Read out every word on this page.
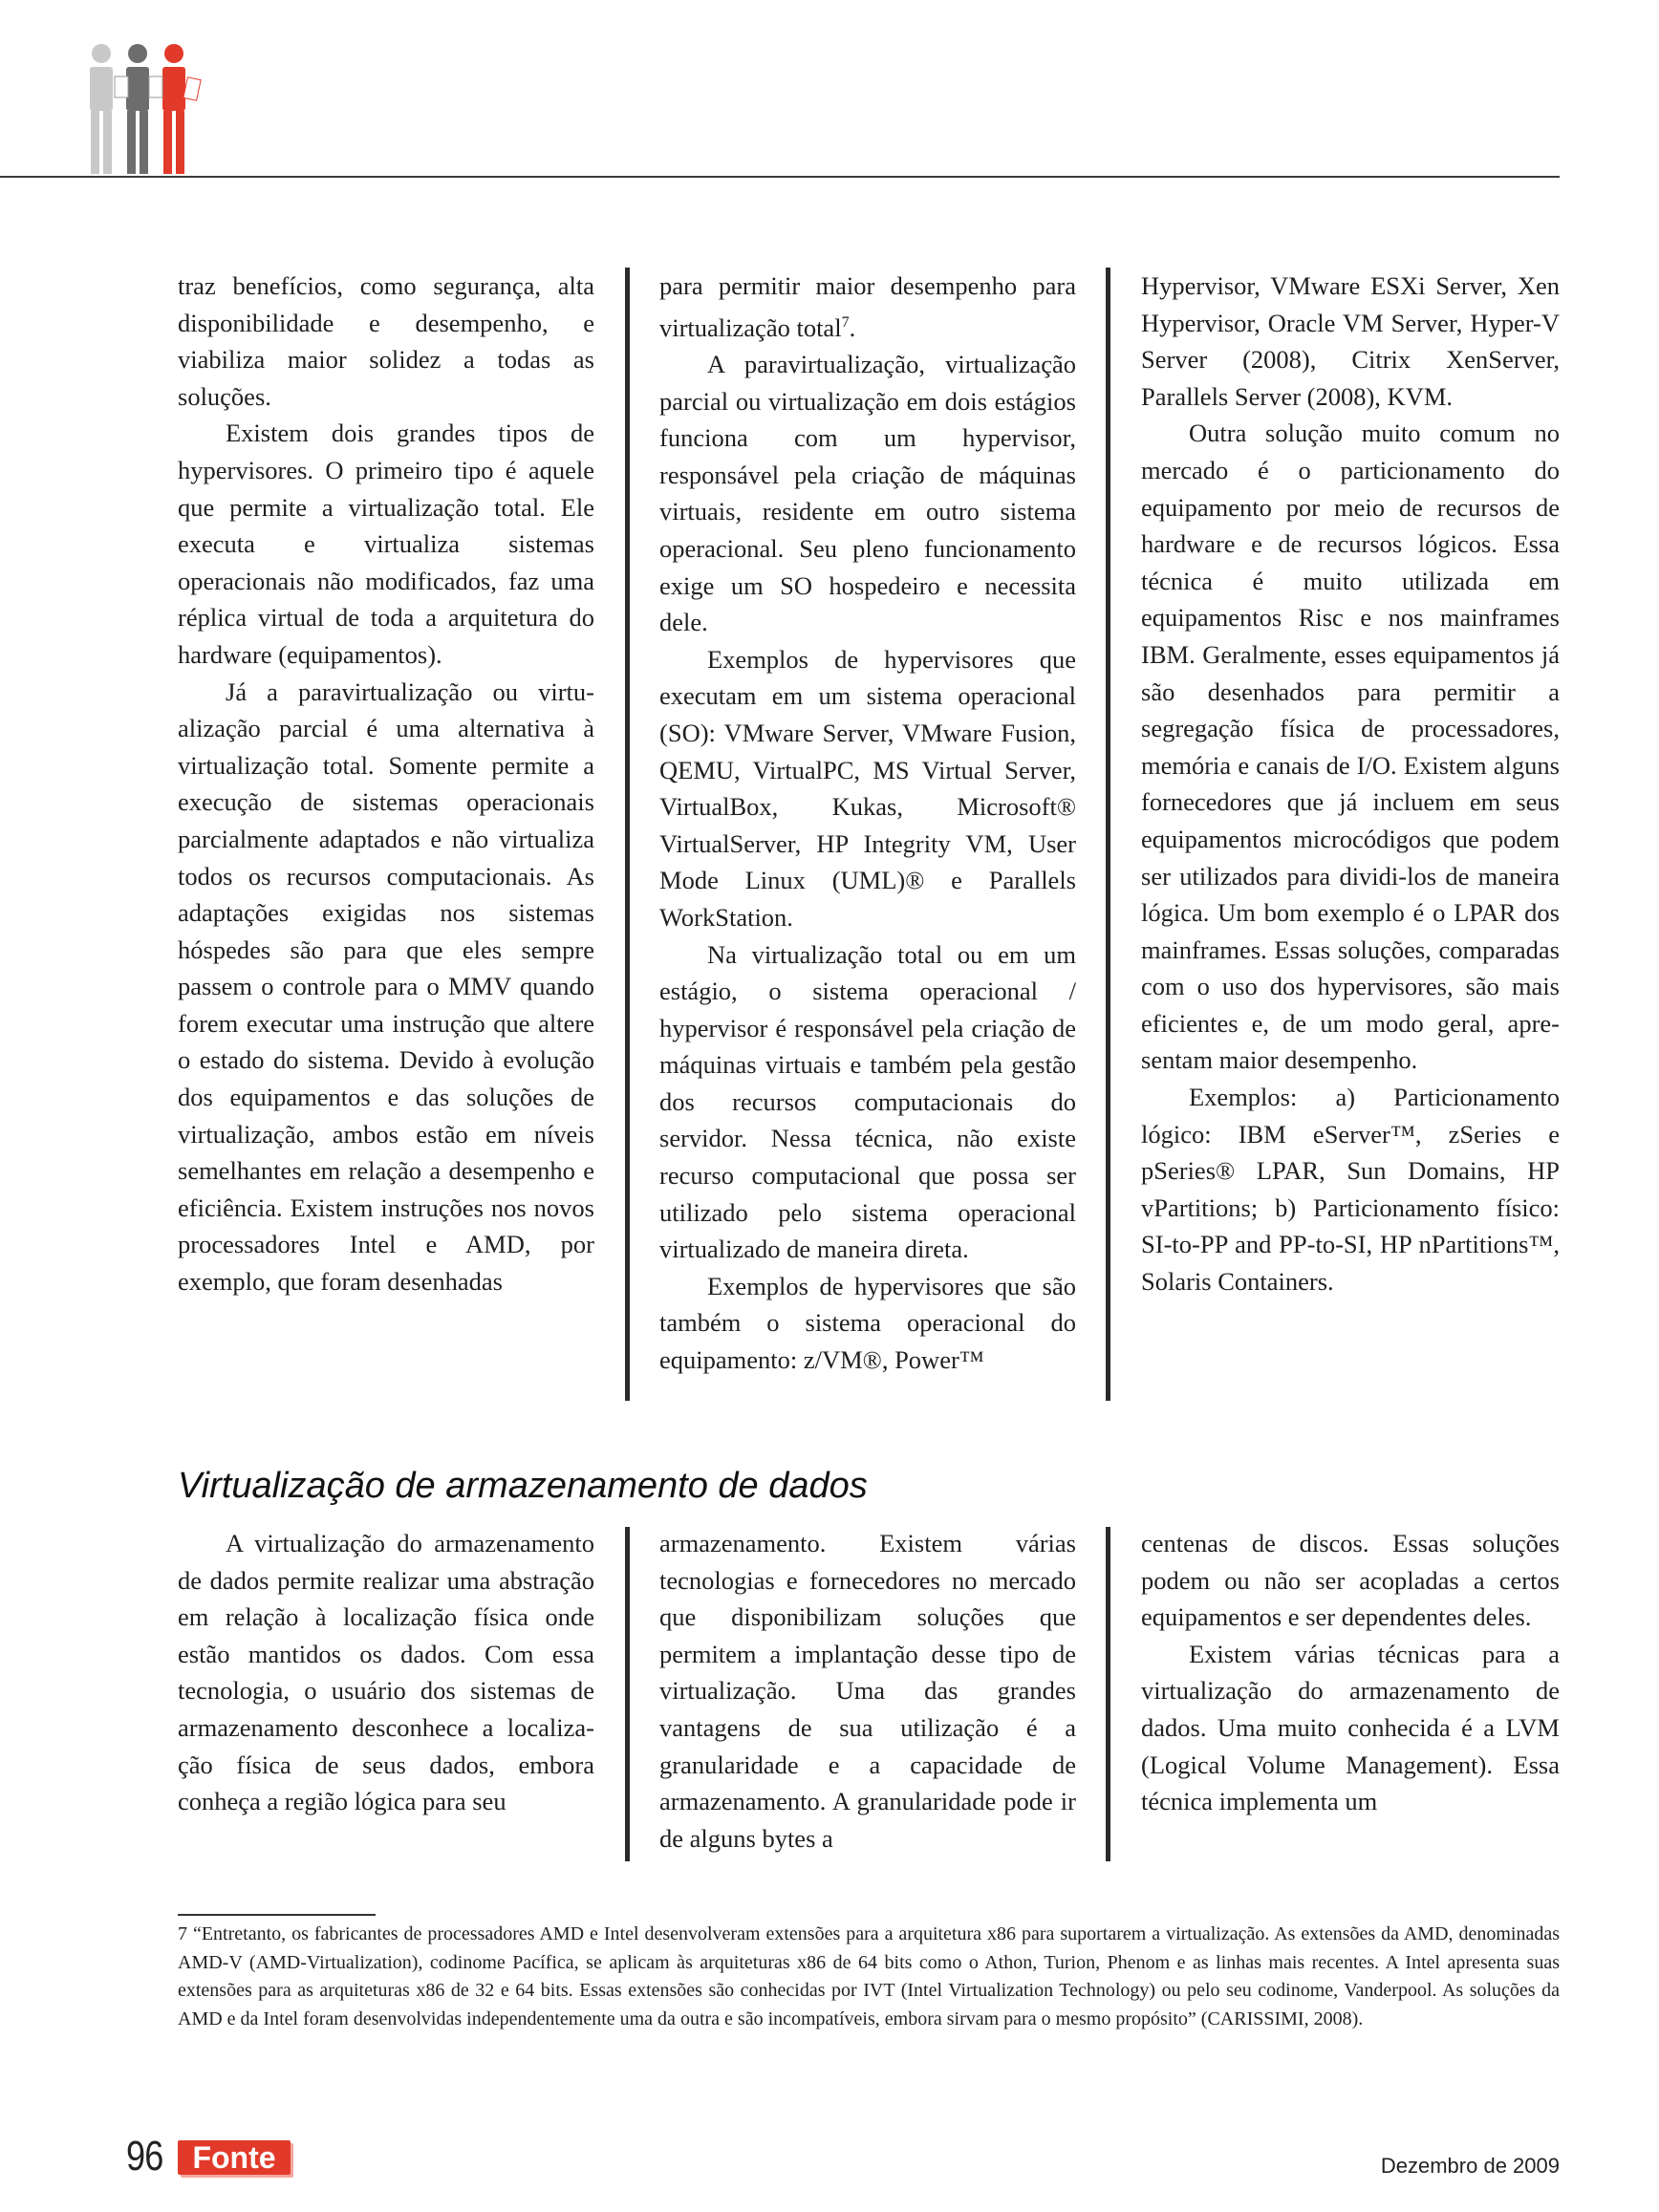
traz benefícios, como segurança, alta disponibilidade e desempenho, e viabiliza maior solidez a todas as soluções.

Existem dois grandes tipos de hypervisores. O primeiro tipo é aquele que permite a virtualização total. Ele executa e virtualiza sistemas operacionais não modificados, faz uma réplica virtual de toda a arquitetura do hardware (equipamentos).

Já a paravirtualização ou virtualização parcial é uma alternativa à virtualização total. Somente permite a execução de sistemas operacionais parcialmente adaptados e não virtualiza todos os recursos computacionais. As adaptações exigidas nos sistemas hóspedes são para que eles sempre passem o controle para o MMV quando forem executar uma instrução que altere o estado do sistema. Devido à evolução dos equipamentos e das soluções de virtualização, ambos estão em níveis semelhantes em relação a desempenho e eficiência. Existem instruções nos novos processadores Intel e AMD, por exemplo, que foram desenhadas

para permitir maior desempenho para virtualização total$^7$.

A paravirtualização, virtualização parcial ou virtualização em dois estágios funciona com um hypervisor, responsável pela criação de máquinas virtuais, residente em outro sistema operacional. Seu pleno funcionamento exige um SO hospedeiro e necessita dele.

Exemplos de hypervisores que executam em um sistema operacional (SO): VMware Server, VMware Fusion, QEMU, VirtualPC, MS Virtual Server, VirtualBox, Kukas, Microsoft® VirtualServer, HP Integrity VM, User Mode Linux (UML)® e Parallels WorkStation.

Na virtualização total ou em um estágio, o sistema operacional / hypervisor é responsável pela criação de máquinas virtuais e também pela gestão dos recursos computacionais do servidor. Nessa técnica, não existe recurso computacional que possa ser utilizado pelo sistema operacional virtualizado de maneira direta.

Exemplos de hypervisores que são também o sistema operacional do equipamento: z/VM®, Power™

Hypervisor, VMware ESXi Server, Xen Hypervisor, Oracle VM Server, Hyper-V Server (2008), Citrix XenServer, Parallels Server (2008), KVM.

Outra solução muito comum no mercado é o particionamento do equipamento por meio de recursos de hardware e de recursos lógicos. Essa técnica é muito utilizada em equipamentos Risc e nos mainframes IBM. Geralmente, esses equipamentos já são desenhados para permitir a segregação física de processadores, memória e canais de I/O. Existem alguns fornecedores que já incluem em seus equipamentos microcódigos que podem ser utilizados para dividi-los de maneira lógica. Um bom exemplo é o LPAR dos mainframes. Essas soluções, comparadas com o uso dos hypervisores, são mais eficientes e, de um modo geral, apresentam maior desempenho.

Exemplos: a) Particionamento lógico: IBM eServer™, zSeries e pSeries® LPAR, Sun Domains, HP vPartitions; b) Particionamento físico: SI-to-PP and PP-to-SI, HP nPartitions™, Solaris Containers.

Virtualização de armazenamento de dados

A virtualização do armazenamento de dados permite realizar uma abstração em relação à localização física onde estão mantidos os dados. Com essa tecnologia, o usuário dos sistemas de armazenamento desconhece a localização física de seus dados, embora conheça a região lógica para seu

armazenamento. Existem várias tecnologias e fornecedores no mercado que disponibilizam soluções que permitem a implantação desse tipo de virtualização. Uma das grandes vantagens de sua utilização é a granularidade e a capacidade de armazenamento. A granularidade pode ir de alguns bytes a

centenas de discos. Essas soluções podem ou não ser acopladas a certos equipamentos e ser dependentes deles.

Existem várias técnicas para a virtualização do armazenamento de dados. Uma muito conhecida é a LVM (Logical Volume Management). Essa técnica implementa um

7 “Entretanto, os fabricantes de processadores AMD e Intel desenvolveram extensões para a arquitetura x86 para suportarem a virtualização. As extensões da AMD, denominadas AMD-V (AMD-Virtualization), codinome Pacífica, se aplicam às arquiteturas x86 de 64 bits como o Athon, Turion, Phenom e as linhas mais recentes. A Intel apresenta suas extensões para as arquiteturas x86 de 32 e 64 bits. Essas extensões são conhecidas por IVT (Intel Virtualization Technology) ou pelo seu codinome, Vanderpool. As soluções da AMD e da Intel foram desenvolvidas independentemente uma da outra e são incompatíveis, embora sirvam para o mesmo propósito” (CARISSIMI, 2008).

96 Fonte	Dezembro de 2009
